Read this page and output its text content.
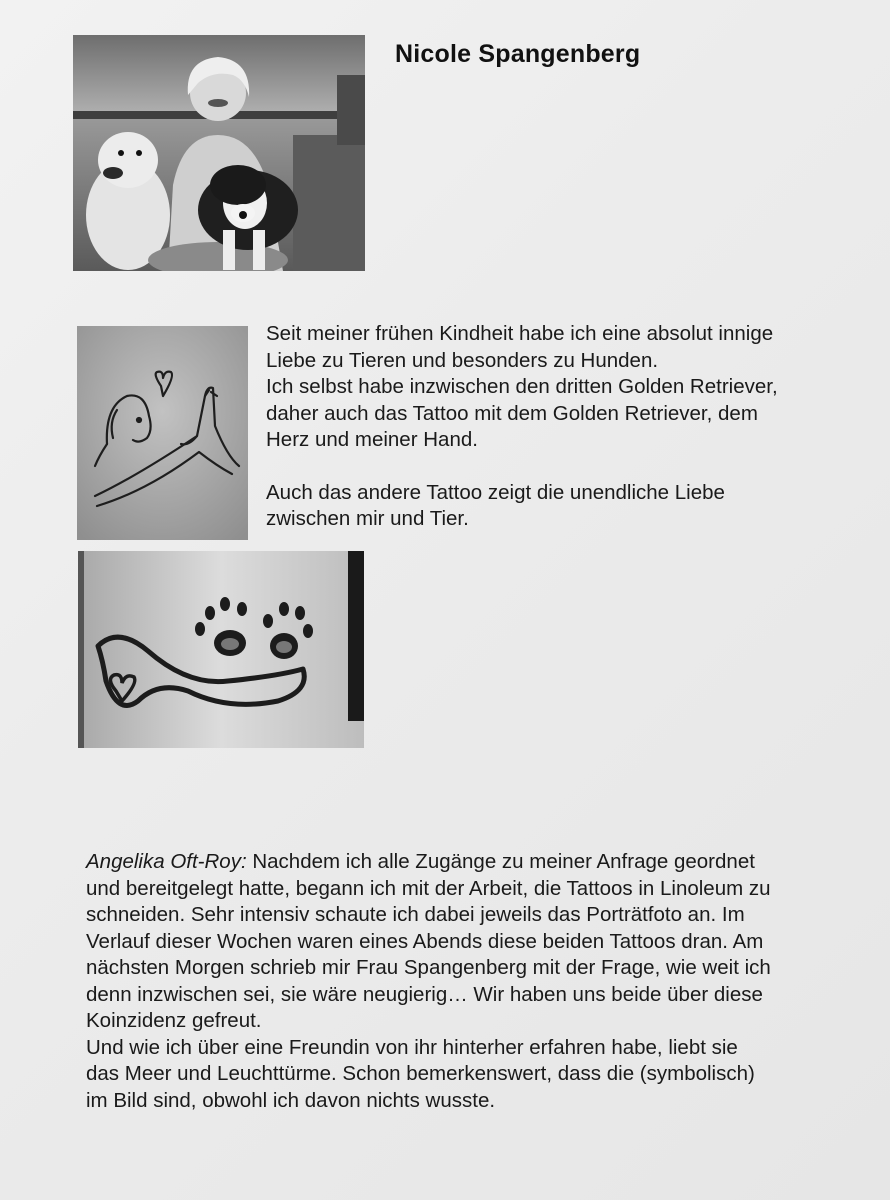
Nicole Spangenberg

Seit meiner frühen Kindheit habe ich eine absolut innige

Liebe zu Tieren und besonders zu Hunden.

Ich selbst habe inzwischen den dritten Golden Retriever,

daher auch das Tattoo mit dem Golden Retriever, dem

Herz und meiner Hand.

Auch das andere Tattoo zeigt die unendliche Liebe

zwischen mir und Tier.

Angelika Oft-Roy: Nachdem ich alle Zugänge zu meiner Anfrage geordnet

und bereitgelegt hatte, begann ich mit der Arbeit, die Tattoos in Linoleum zu

schneiden. Sehr intensiv schaute ich dabei jeweils das Porträtfoto an. Im

Verlauf dieser Wochen waren eines Abends diese beiden Tattoos dran. Am

nächsten Morgen schrieb mir Frau Spangenberg mit der Frage, wie weit ich

denn inzwischen sei, sie wäre neugierig… Wir haben uns beide über diese

Koinzidenz gefreut.

Und wie ich über eine Freundin von ihr hinterher erfahren habe, liebt sie

das Meer und Leuchttürme. Schon bemerkenswert, dass die (symbolisch)

im Bild sind, obwohl ich davon nichts wusste.
